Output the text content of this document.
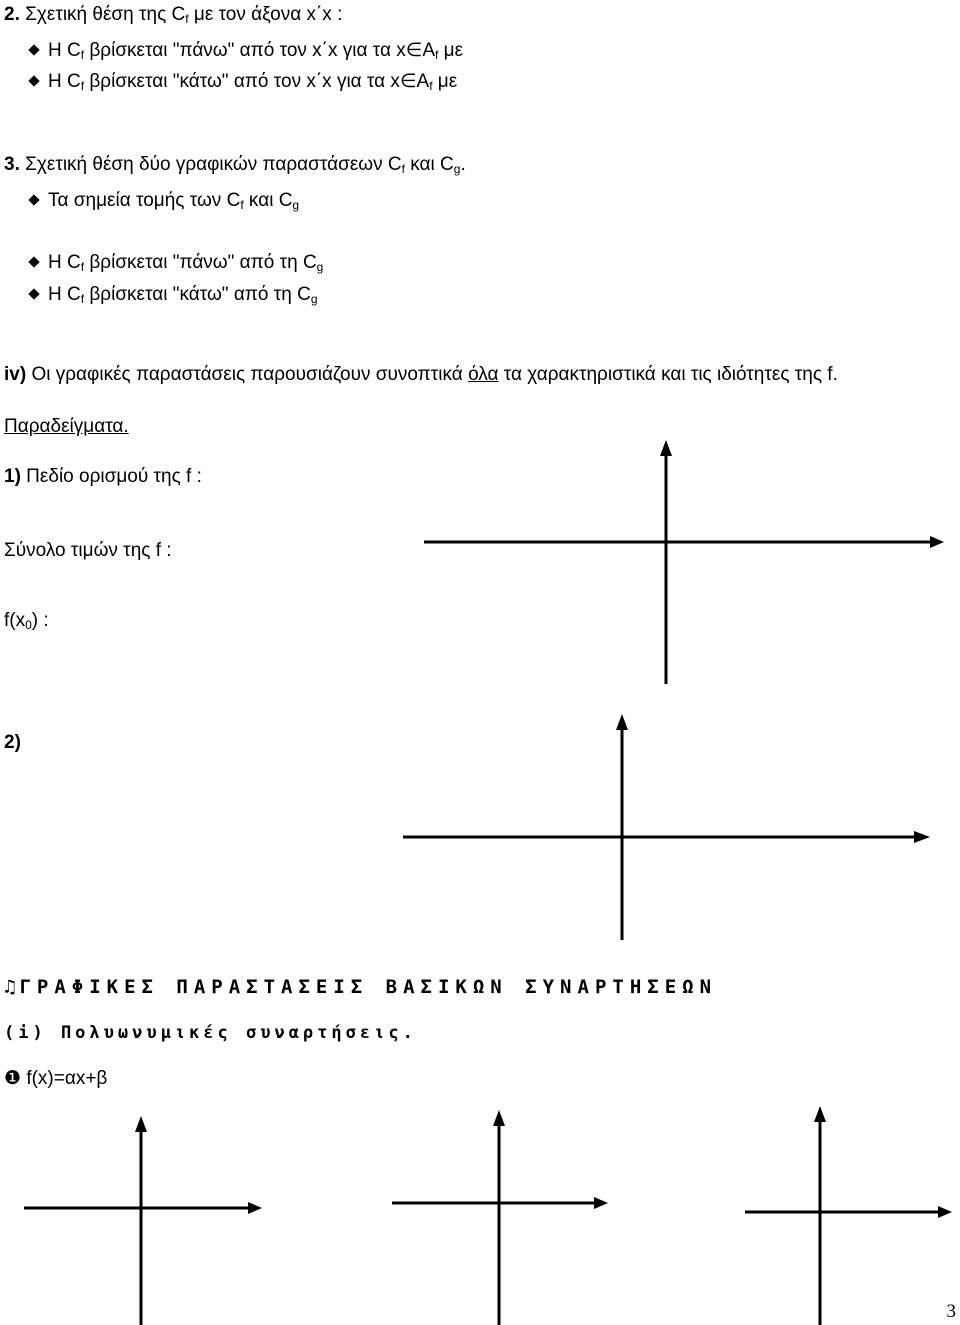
2. Σχετική θέση της $C_f$ με τον άξονα x΄x :
Η $C_f$ βρίσκεται "πάνω" από τον x΄x για τα $x\in A_f$ με
Η $C_f$ βρίσκεται "κάτω" από τον x΄x για τα $x\in A_f$ με
3. Σχετική θέση δύο γραφικών παραστάσεων $C_f$ και $C_g$.
Τα σημεία τομής των $C_f$ και $C_g$
Η $C_f$ βρίσκεται "πάνω" από τη $C_g$
Η $C_f$ βρίσκεται "κάτω" από τη $C_g$
iv) Οι γραφικές παραστάσεις παρουσιάζουν συνοπτικά όλα τα χαρακτηριστικά και τις ιδιότητες της f.
Παραδείγματα.
1) Πεδίο ορισμού της f :
Σύνολο τιμών της f :
$f(x_0)$ :
2)
♫ ΓΡΑΦΙΚΕΣ ΠΑΡΑΣΤΑΣΕΙΣ ΒΑΣΙΚΩΝ ΣΥΝΑΡΤΗΣΕΩΝ
(i) Πολυωνυμικές συναρτήσεις.
❶ f(x)=αx+β
3
